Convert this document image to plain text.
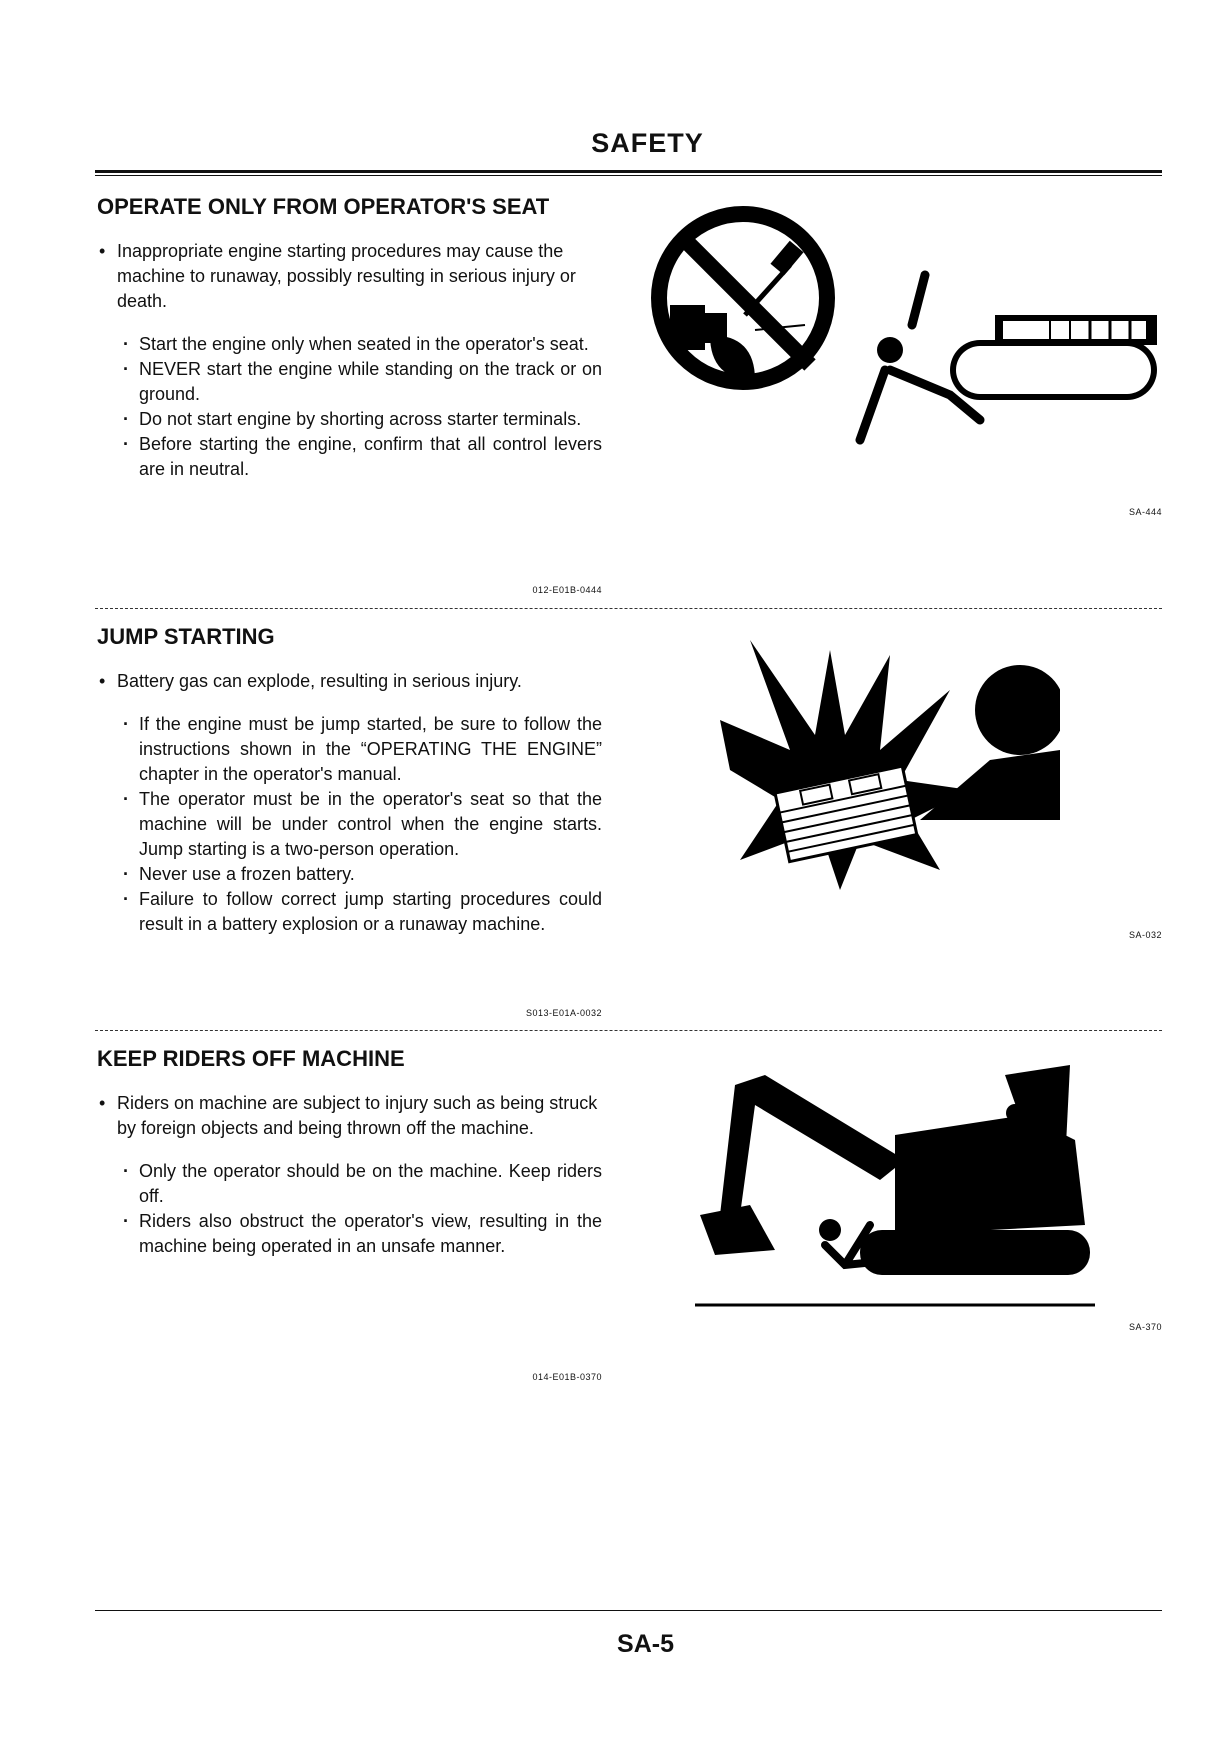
SAFETY
OPERATE ONLY FROM OPERATOR'S SEAT

• Inappropriate engine starting procedures may cause the machine to runaway, possibly resulting in serious injury or death.

· Start the engine only when seated in the operator's seat.
· NEVER start the engine while standing on the track or on ground.
· Do not start engine by shorting across starter terminals.
· Before starting the engine, confirm that all control levers are in neutral.
012-E01B-0444
SA-444
JUMP STARTING

• Battery gas can explode, resulting in serious injury.

· If the engine must be jump started, be sure to follow the instructions shown in the “OPERATING THE ENGINE” chapter in the operator's manual.
· The operator must be in the operator's seat so that the machine will be under control when the engine starts. Jump starting is a two-person operation.
· Never use a frozen battery.
· Failure to follow correct jump starting procedures could result in a battery explosion or a runaway machine.
S013-E01A-0032
SA-032
KEEP RIDERS OFF MACHINE

• Riders on machine are subject to injury such as being struck by foreign objects and being thrown off the machine.

· Only the operator should be on the machine. Keep riders off.
· Riders also obstruct the operator's view, resulting in the machine being operated in an unsafe manner.
014-E01B-0370
SA-370
SA-5
